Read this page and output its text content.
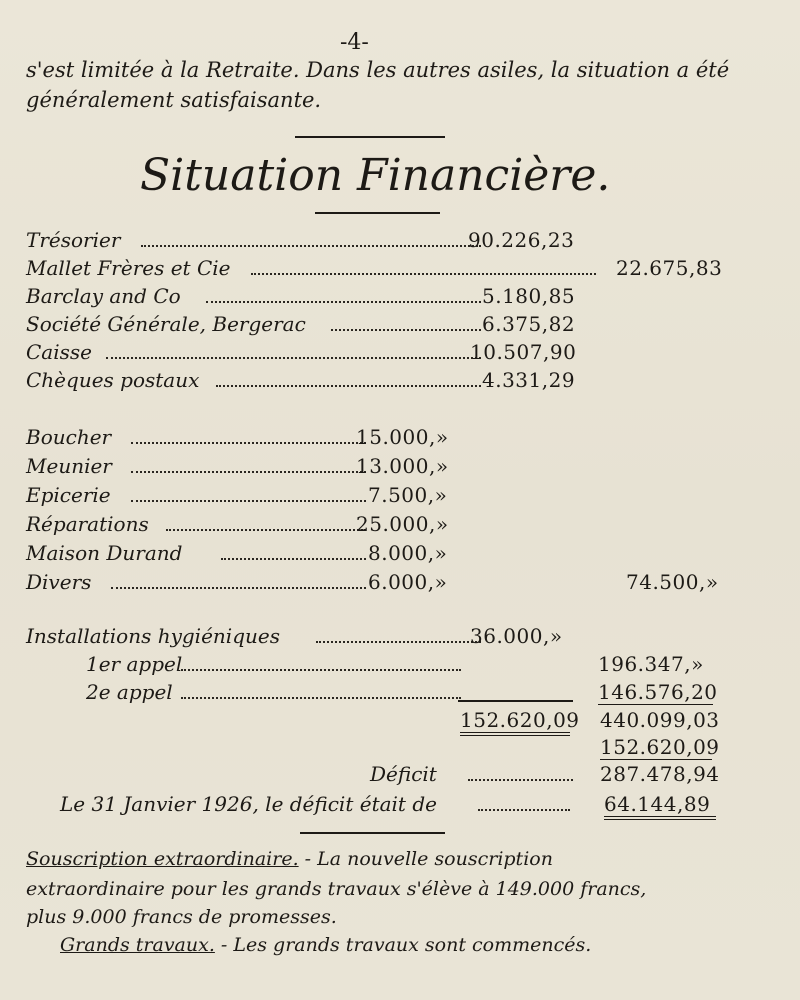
-4-
s'est limitée à la Retraite. Dans les autres asiles, la situation a été
généralement satisfaisante.
Situation Financière.
Trésorier	90.226,23
Mallet Frères et Cie	22.675,83
Barclay and Co	5.180,85
Société Générale, Bergerac	6.375,82
Caisse	10.507,90
Chèques postaux	4.331,29
Boucher	15.000,»
Meunier	13.000,»
Epicerie	7.500,»
Réparations	25.000,»
Maison Durand	8.000,»
Divers	6.000,»	74.500,»
Installations hygiéniques	36.000,»
1er appel	196.347,»
2e appel	146.576,20
152.620,09 440.099,03
152.620,09
Déficit	287.478,94
Le 31 Janvier 1926, le déficit était de	64.144,89
Souscription extraordinaire. - La nouvelle souscription
extraordinaire pour les grands travaux s'élève à 149.000 francs,
plus 9.000 francs de promesses.
Grands travaux. - Les grands travaux sont commencés.
